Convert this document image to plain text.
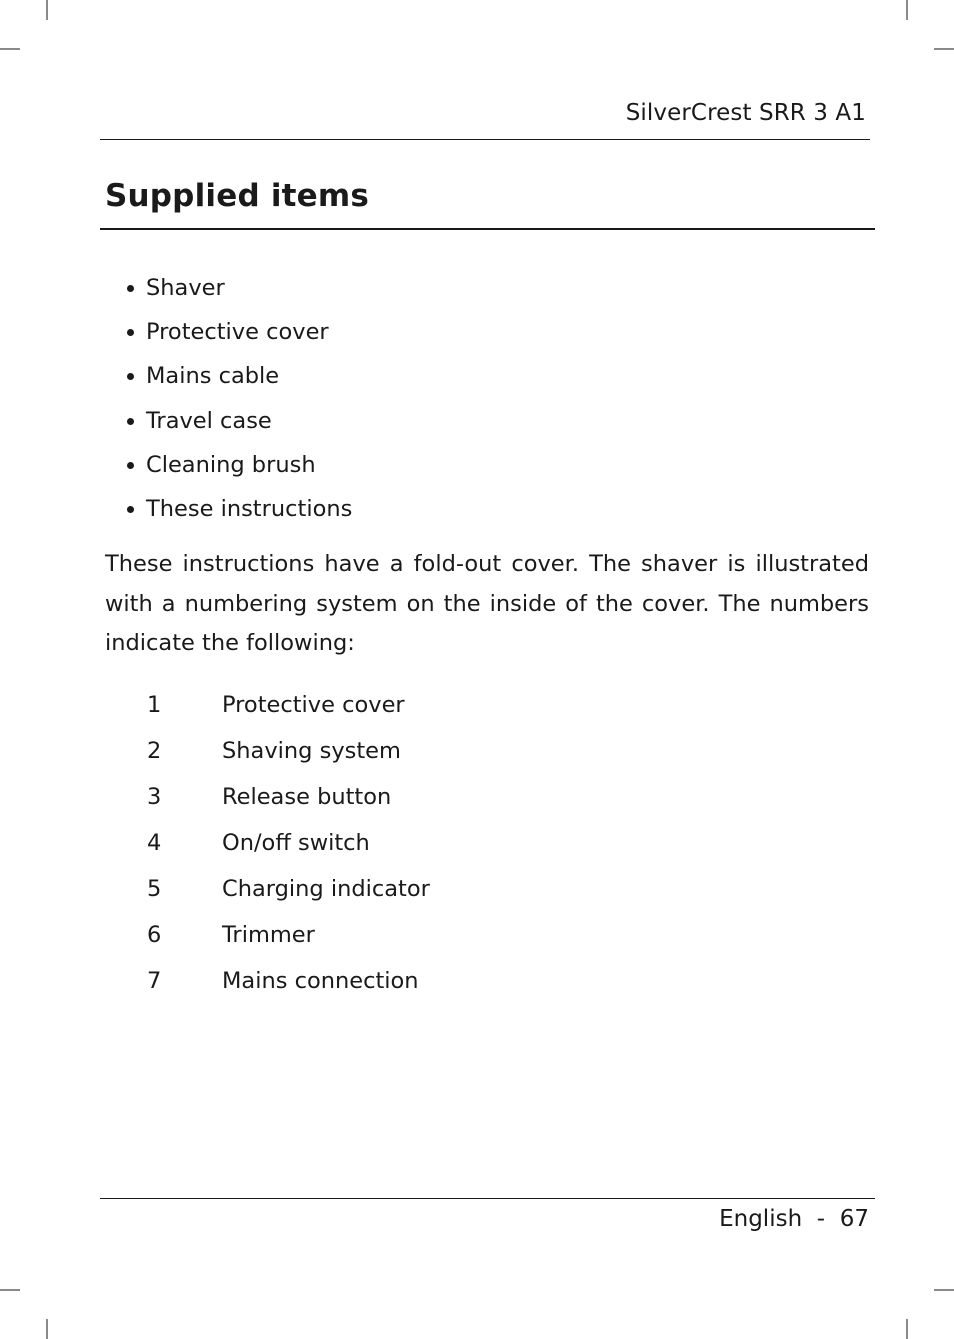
SilverCrest SRR 3 A1
Supplied items
Shaver
Protective cover
Mains cable
Travel case
Cleaning brush
These instructions

These instructions have a fold-out cover. The shaver is illustrated with a numbering system on the inside of the cover. The numbers indicate the following:

1	Protective cover
2	Shaving system
3	Release button
4	On/off switch
5	Charging indicator
6	Trimmer
7	Mains connection
English - 67
